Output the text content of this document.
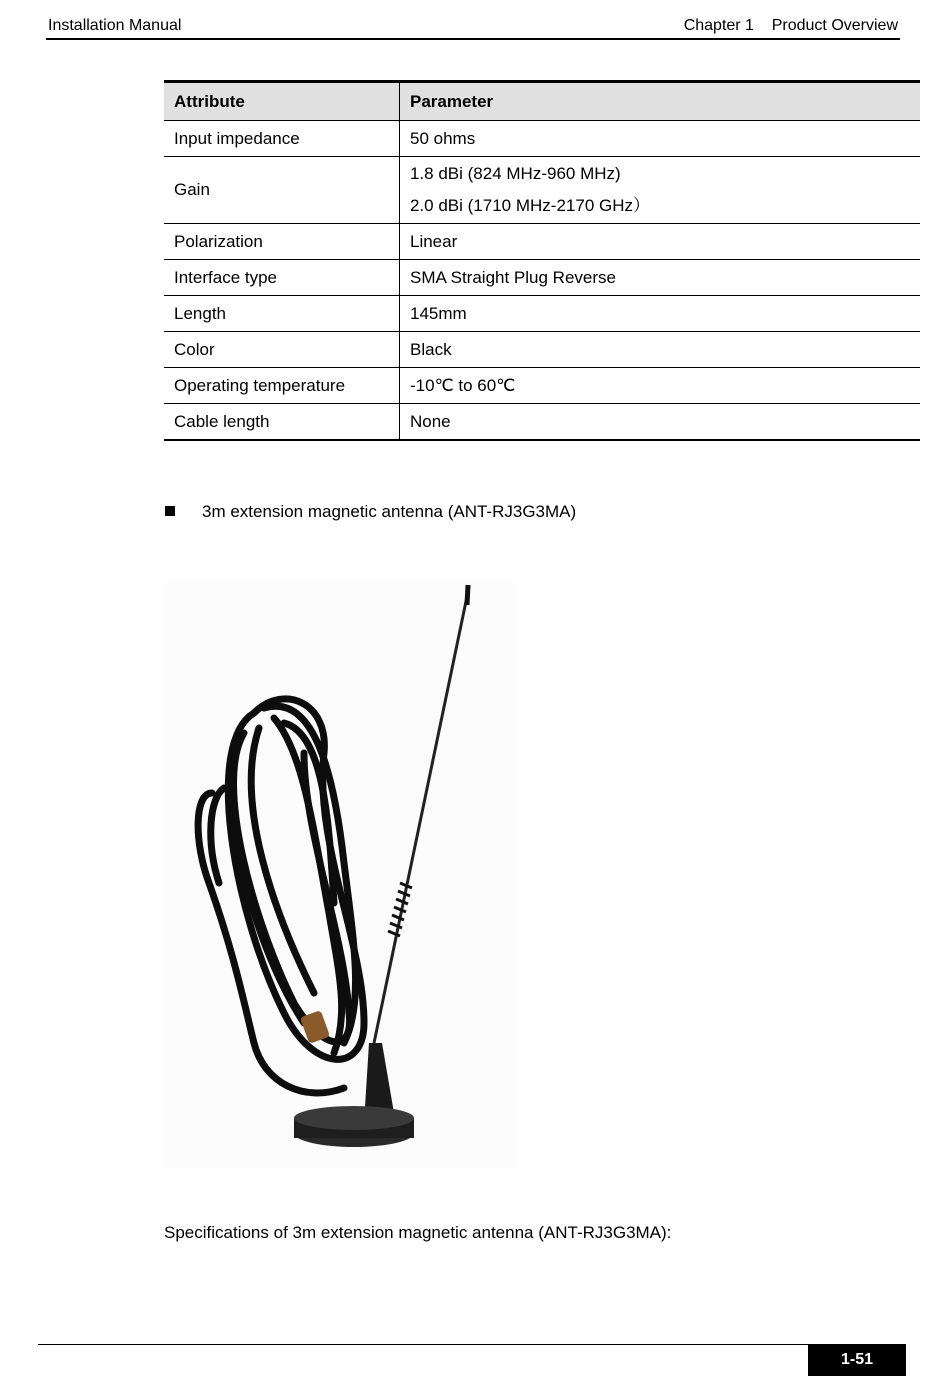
Installation Manual	Chapter 1    Product Overview
Attribute	Parameter
Input impedance	50 ohms
Gain	1.8 dBi (824 MHz-960 MHz)
2.0 dBi (1710 MHz-2170 GHz）

Polarization	Linear
Interface type	SMA Straight Plug Reverse
Length	145mm
Color	Black
Operating temperature	-10℃ to 60℃
Cable length	None
3m extension magnetic antenna (ANT-RJ3G3MA)
Specifications of 3m extension magnetic antenna (ANT-RJ3G3MA):
1-51
